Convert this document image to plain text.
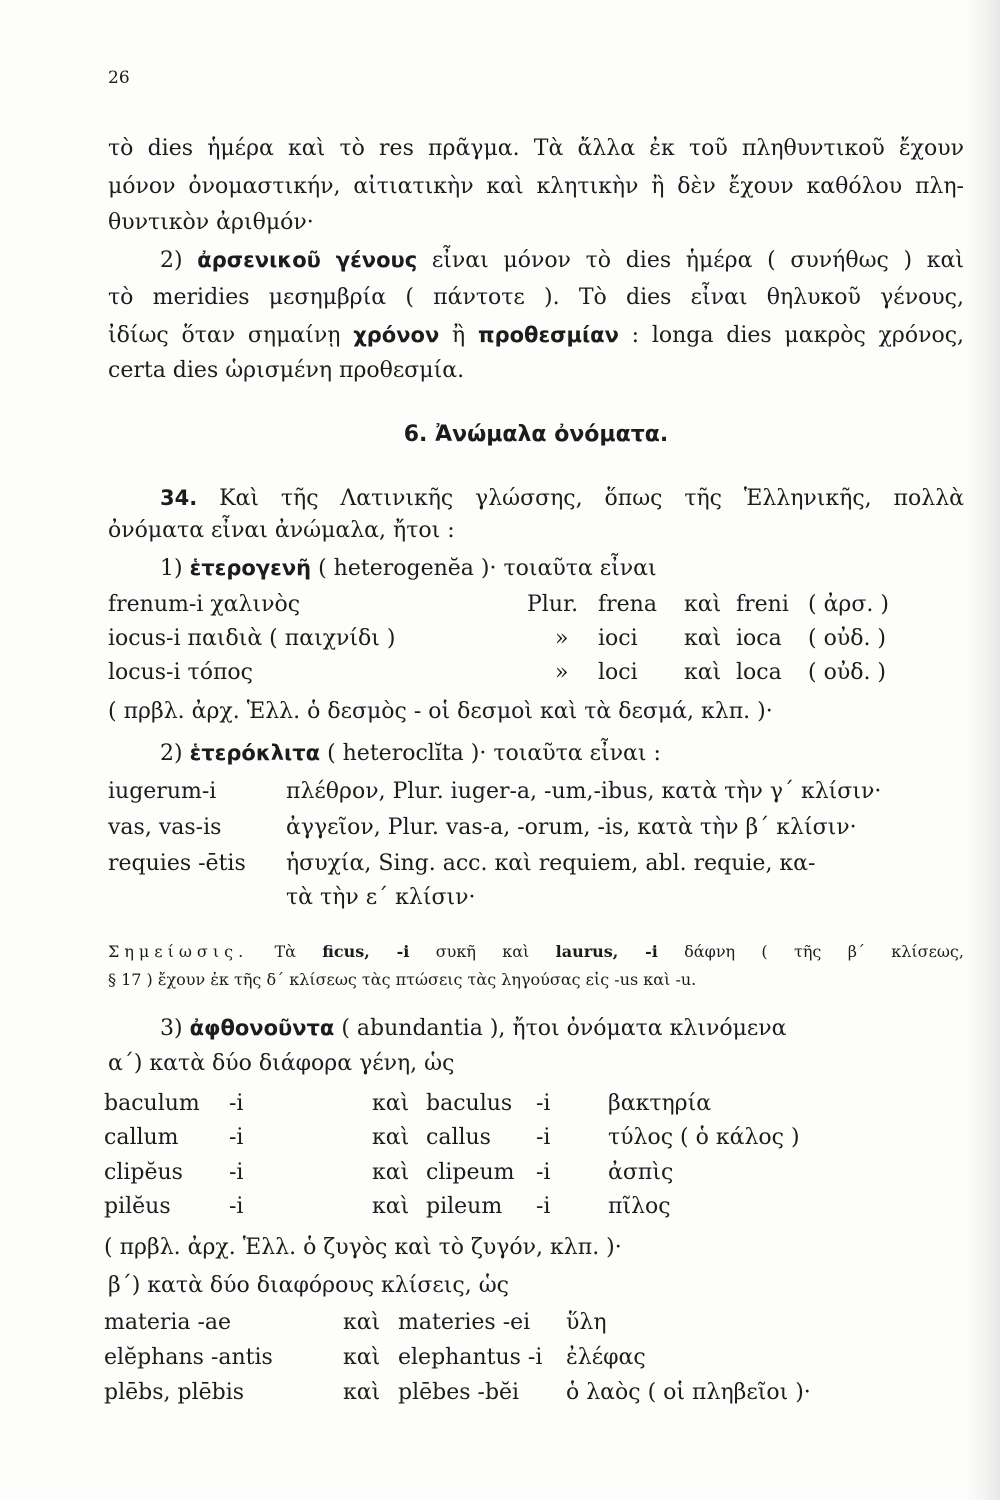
26
τὸ dies ἡμέρα καὶ τὸ res πρᾶγμα. Τὰ ἄλλα ἐκ τοῦ πληθυντικοῦ ἔχουν
μόνον ὀνομαστικήν, αἰτιατικὴν καὶ κλητικὴν ἢ δὲν ἔχουν καθόλου πλη-
θυντικὸν ἀριθμόν·
2) ἀρσενικοῦ γένους εἶναι μόνον τὸ dies ἡμέρα ( συνήθως ) καὶ
τὸ meridies μεσημβρία ( πάντοτε ). Τὸ dies εἶναι θηλυκοῦ γένους,
ἰδίως ὅταν σημαίνῃ χρόνον ἢ προθεσμίαν : longa dies μακρὸς χρόνος,
certa dies ὡρισμένη προθεσμία.
6. Ἀνώμαλα ὀνόματα.
34. Καὶ τῆς Λατινικῆς γλώσσης, ὅπως τῆς Ἑλληνικῆς, πολλὰ
ὀνόματα εἶναι ἀνώμαλα, ἤτοι :
1) ἑτερογενῆ ( heterogenĕa )· τοιαῦτα εἶναι
frenum-i χαλινὸς	Plur. frena καὶ freni ( ἀρσ. )
iocus-i παιδιὰ ( παιχνίδι )	» ioci καὶ ioca ( οὐδ. )
locus-i τόπος	» loci καὶ loca ( οὐδ. )
( πρβλ. ἀρχ. Ἑλλ. ὁ δεσμὸς - οἱ δεσμοὶ καὶ τὰ δεσμά, κλπ. )·
2) ἑτερόκλιτα ( heteroclĭta )· τοιαῦτα εἶναι :
iugerum-i	πλέθρον, Plur. iuger-a, -um,-ibus, κατὰ τὴν γ΄ κλίσιν·
vas, vas-is	ἀγγεῖον, Plur. vas-a, -orum, -is, κατὰ τὴν β΄ κλίσιν·
requies -ētis ἡσυχία, Sing. acc. καὶ requiem, abl. requie, κα-
τὰ τὴν ε΄ κλίσιν·
Σημείωσις. Τὰ ficus, -i συκῆ καὶ laurus, -i δάφνη ( τῆς β΄ κλίσεως,
§ 17 ) ἔχουν ἐκ τῆς δ΄ κλίσεως τὰς πτώσεις τὰς ληγούσας εἰς -us καὶ -u.
3) ἀφθονοῦντα ( abundantia ), ἤτοι ὀνόματα κλινόμενα
α΄) κατὰ δύο διάφορα γένη, ὡς
baculum -i	καὶ baculus -i	βακτηρία
callum -i	καὶ callus -i	τύλος ( ὁ κάλος )
clipĕus -i	καὶ clipeum -i	ἀσπὶς
pilĕus	-i	καὶ pileum -i	πῖλος
( πρβλ. ἀρχ. Ἑλλ. ὁ ζυγὸς καὶ τὸ ζυγόν, κλπ. )·
β΄) κατὰ δύο διαφόρους κλίσεις, ὡς
materia -ae	καὶ materies -ei ὕλη
elĕphans -antis	καὶ elephantus -i ἐλέφας
plēbs, plēbis	καὶ plēbes -bĕi ὁ λαὸς ( οἱ πληβεῖοι )·
